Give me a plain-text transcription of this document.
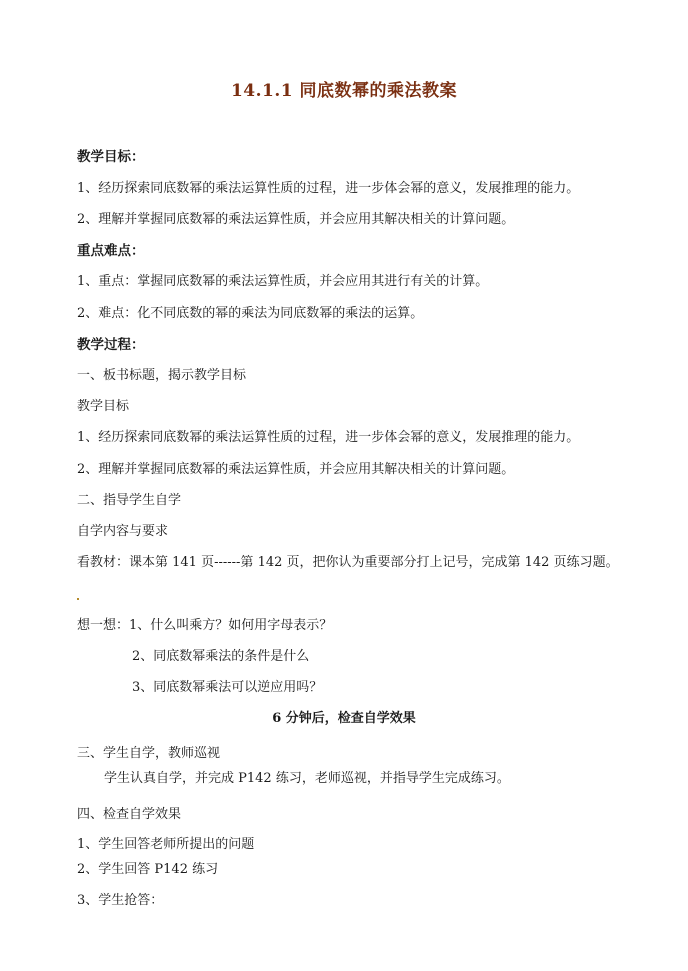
14.1.1 同底数幂的乘法教案
教学目标：
1、经历探索同底数幂的乘法运算性质的过程，进一步体会幂的意义，发展推理的能力。
2、理解并掌握同底数幂的乘法运算性质，并会应用其解决相关的计算问题。
重点难点：
1、重点：掌握同底数幂的乘法运算性质，并会应用其进行有关的计算。
2、难点：化不同底数的幂的乘法为同底数幂的乘法的运算。
教学过程：
一、板书标题，揭示教学目标
教学目标
1、经历探索同底数幂的乘法运算性质的过程，进一步体会幂的意义，发展推理的能力。
2、理解并掌握同底数幂的乘法运算性质，并会应用其解决相关的计算问题。
二、指导学生自学
自学内容与要求
看教材：课本第 141 页------第 142 页，把你认为重要部分打上记号，完成第 142 页练习题。
想一想：1、什么叫乘方？如何用字母表示？
2、同底数幂乘法的条件是什么
3、同底数幂乘法可以逆应用吗？
6 分钟后，检查自学效果
三、学生自学，教师巡视
学生认真自学，并完成 P142 练习，老师巡视，并指导学生完成练习。
四、检查自学效果
1、学生回答老师所提出的问题
2、学生回答 P142 练习
3、学生抢答：
